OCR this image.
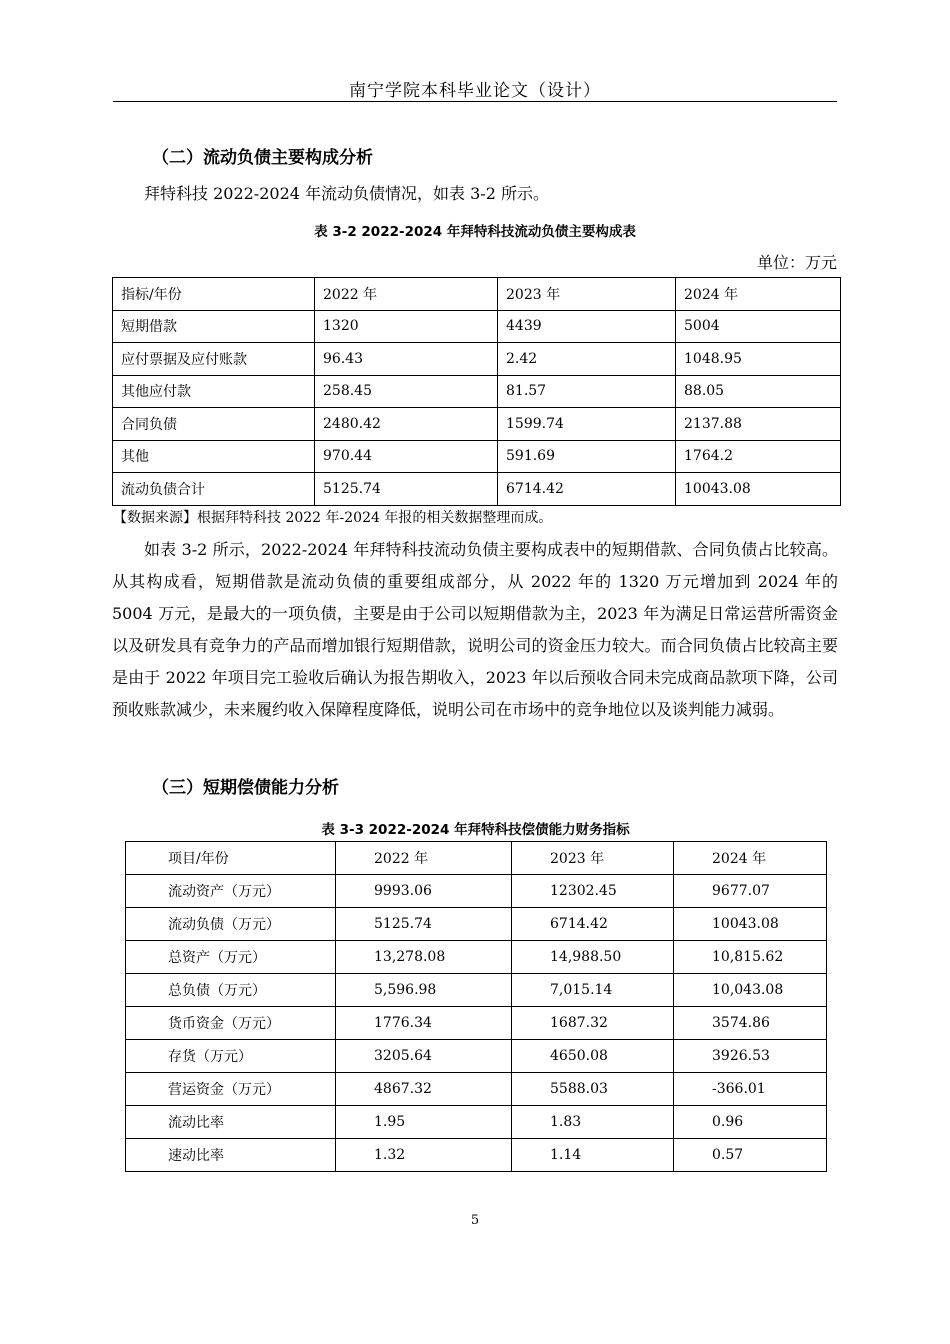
南宁学院本科毕业论文（设计）
（二）流动负债主要构成分析
拜特科技 2022-2024 年流动负债情况，如表 3-2 所示。
表 3-2 2022-2024 年拜特科技流动负债主要构成表
单位：万元
指标/年份	2022 年	2023 年	2024 年
短期借款	1320	4439	5004
应付票据及应付账款	96.43	2.42	1048.95
其他应付款	258.45	81.57	88.05
合同负债	2480.42	1599.74	2137.88
其他	970.44	591.69	1764.2
流动负债合计	5125.74	6714.42	10043.08
【数据来源】根据拜特科技 2022 年-2024 年报的相关数据整理而成。
如表 3-2 所示，2022-2024 年拜特科技流动负债主要构成表中的短期借款、合同负债占比较高。从其构成看，短期借款是流动负债的重要组成部分，从 2022 年的 1320 万元增加到 2024 年的 5004 万元，是最大的一项负债，主要是由于公司以短期借款为主，2023 年为满足日常运营所需资金以及研发具有竞争力的产品而增加银行短期借款，说明公司的资金压力较大。而合同负债占比较高主要是由于 2022 年项目完工验收后确认为报告期收入，2023 年以后预收合同未完成商品款项下降，公司预收账款减少，未来履约收入保障程度降低，说明公司在市场中的竞争地位以及谈判能力减弱。
（三）短期偿债能力分析
表 3-3 2022-2024 年拜特科技偿债能力财务指标
项目/年份	2022 年	2023 年	2024 年
流动资产（万元）	9993.06	12302.45	9677.07
流动负债（万元）	5125.74	6714.42	10043.08
总资产（万元）	13,278.08	14,988.50	10,815.62
总负债（万元）	5,596.98	7,015.14	10,043.08
货币资金（万元）	1776.34	1687.32	3574.86
存货（万元）	3205.64	4650.08	3926.53
营运资金（万元）	4867.32	5588.03	-366.01
流动比率	1.95	1.83	0.96
速动比率	1.32	1.14	0.57
5
